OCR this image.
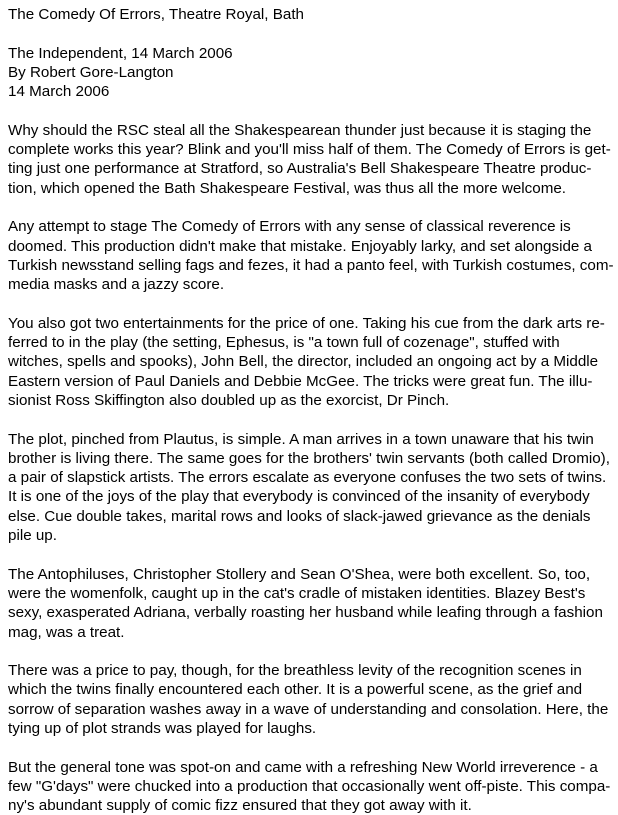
The Comedy Of Errors, Theatre Royal, Bath
The Independent, 14 March 2006
By Robert Gore-Langton
14 March 2006
Why should the RSC steal all the Shakespearean thunder just because it is staging the
complete works this year? Blink and you'll miss half of them. The Comedy of Errors is get-
ting just one performance at Stratford, so Australia's Bell Shakespeare Theatre produc-
tion, which opened the Bath Shakespeare Festival, was thus all the more welcome.
Any attempt to stage The Comedy of Errors with any sense of classical reverence is
doomed. This production didn't make that mistake. Enjoyably larky, and set alongside a
Turkish newsstand selling fags and fezes, it had a panto feel, with Turkish costumes, com-
media masks and a jazzy score.
You also got two entertainments for the price of one. Taking his cue from the dark arts re-
ferred to in the play (the setting, Ephesus, is "a town full of cozenage", stuffed with
witches, spells and spooks), John Bell, the director, included an ongoing act by a Middle
Eastern version of Paul Daniels and Debbie McGee. The tricks were great fun. The illu-
sionist Ross Skiffington also doubled up as the exorcist, Dr Pinch.
The plot, pinched from Plautus, is simple. A man arrives in a town unaware that his twin
brother is living there. The same goes for the brothers' twin servants (both called Dromio),
a pair of slapstick artists. The errors escalate as everyone confuses the two sets of twins.
It is one of the joys of the play that everybody is convinced of the insanity of everybody
else. Cue double takes, marital rows and looks of slack-jawed grievance as the denials
pile up.
The Antophiluses, Christopher Stollery and Sean O'Shea, were both excellent. So, too,
were the womenfolk, caught up in the cat's cradle of mistaken identities. Blazey Best's
sexy, exasperated Adriana, verbally roasting her husband while leafing through a fashion
mag, was a treat.
There was a price to pay, though, for the breathless levity of the recognition scenes in
which the twins finally encountered each other. It is a powerful scene, as the grief and
sorrow of separation washes away in a wave of understanding and consolation. Here, the
tying up of plot strands was played for laughs.
But the general tone was spot-on and came with a refreshing New World irreverence - a
few "G'days" were chucked into a production that occasionally went off-piste. This compa-
ny's abundant supply of comic fizz ensured that they got away with it.
